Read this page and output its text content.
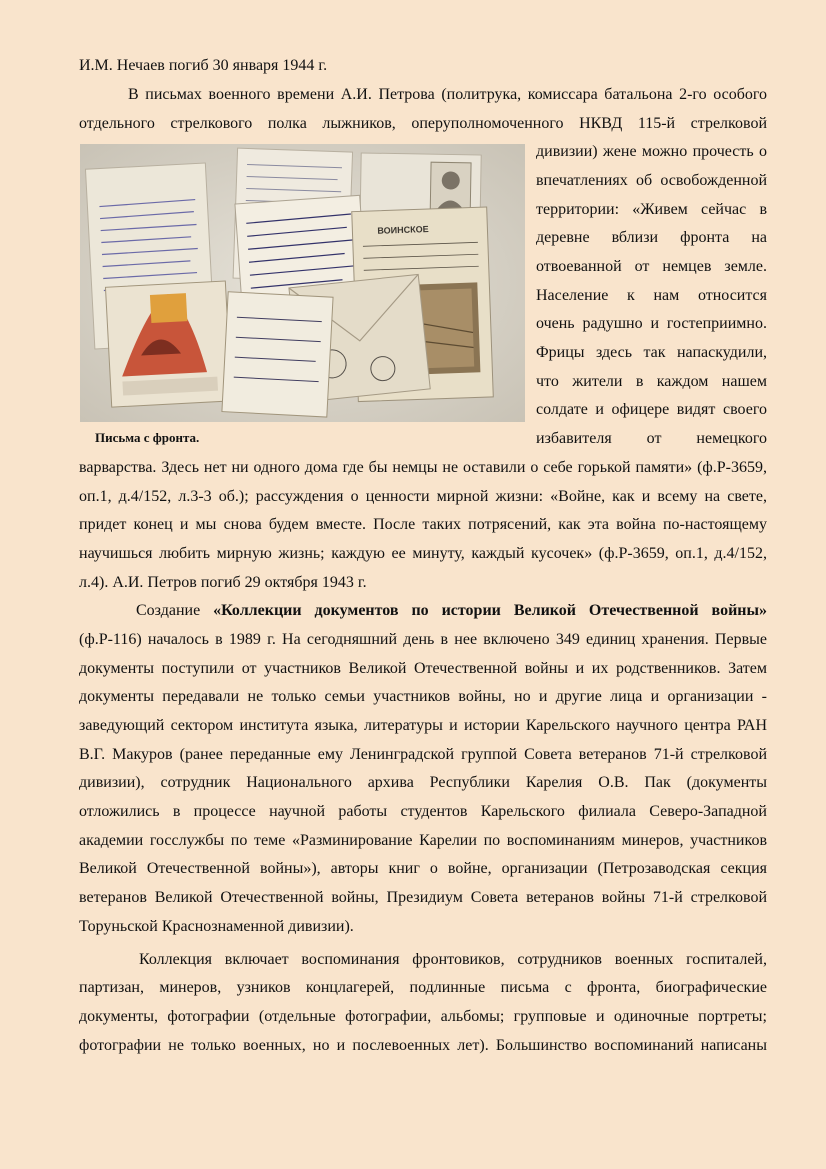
И.М. Нечаев погиб 30 января 1944 г.
В письмах военного времени А.И. Петрова (политрука, комиссара батальона 2-го особого
отдельного стрелкового полка лыжников, оперуполномоченного НКВД 115-й стрелковой
дивизии) жене можно прочесть о
впечатлениях об освобожденной
территории: «Живем сейчас в
деревне вблизи фронта на
отвоеванной от немцев земле.
Население к нам относится
очень радушно и гостеприимно.
Фрицы здесь так напаскудили,
что жители в каждом нашем
солдате и офицере видят своего
избавителя от немецкого
ВОИНСКОЕ
Письма с фронта.
варварства. Здесь нет ни одного дома где бы немцы не оставили о себе горькой памяти» (ф.Р-3659,
оп.1, д.4/152, л.3-3 об.); рассуждения о ценности мирной жизни: «Войне, как и всему на свете,
придет конец и мы снова будем вместе. После таких потрясений, как эта война по-настоящему
научишься любить мирную жизнь; каждую ее минуту, каждый кусочек» (ф.Р-3659, оп.1, д.4/152,
л.4). А.И. Петров погиб 29 октября 1943 г.
Создание «Коллекции документов по истории Великой Отечественной войны»
(ф.Р-116) началось в 1989 г. На сегодняшний день в нее включено 349 единиц хранения. Первые
документы поступили от участников Великой Отечественной войны и их родственников. Затем
документы передавали не только семьи участников войны, но и другие лица и организации -
заведующий сектором института языка, литературы и истории Карельского научного центра РАН
В.Г. Макуров (ранее переданные ему Ленинградской группой Совета ветеранов 71-й стрелковой
дивизии), сотрудник Национального архива Республики Карелия О.В. Пак (документы
отложились в процессе научной работы студентов Карельского филиала Северо-Западной
академии госслужбы по теме «Разминирование Карелии по воспоминаниям минеров, участников
Великой Отечественной войны»), авторы книг о войне, организации (Петрозаводская секция
ветеранов Великой Отечественной войны, Президиум Совета ветеранов войны 71-й стрелковой
Торуньской Краснознаменной дивизии).
Коллекция включает воспоминания фронтовиков, сотрудников военных госпиталей,
партизан, минеров, узников концлагерей, подлинные письма с фронта, биографические
документы, фотографии (отдельные фотографии, альбомы; групповые и одиночные портреты;
фотографии не только военных, но и послевоенных лет). Большинство воспоминаний написаны
